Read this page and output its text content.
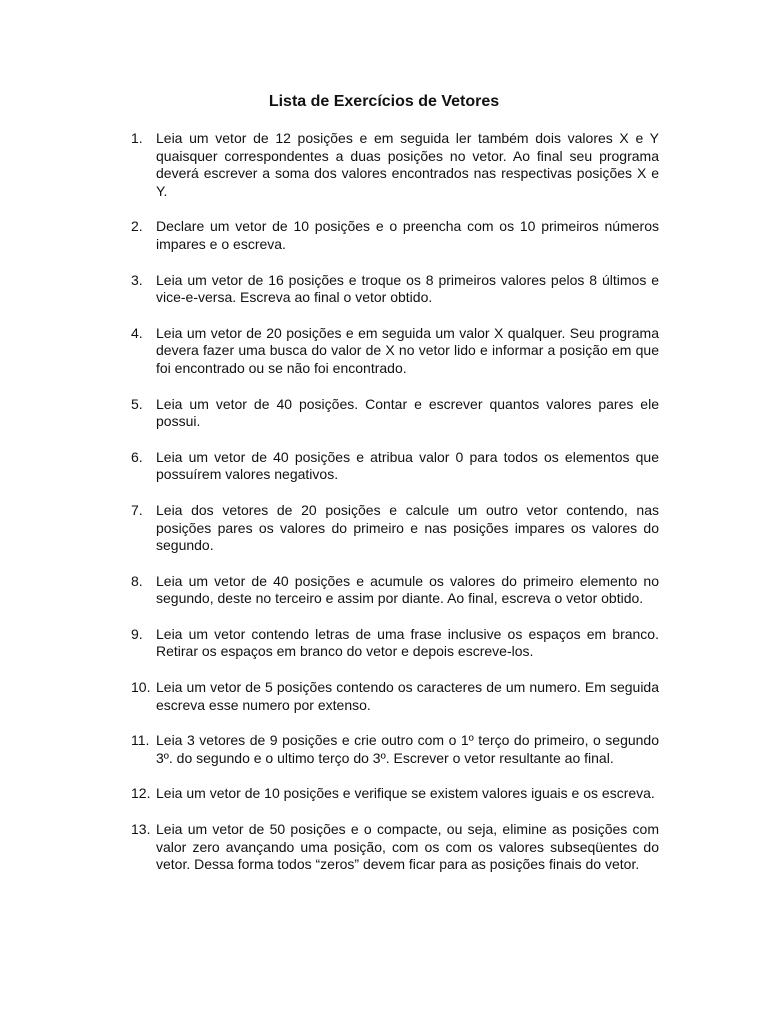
Lista de Exercícios de Vetores
1. Leia um vetor de 12 posições e em seguida ler também dois valores X e Y quaisquer correspondentes a duas posições no vetor. Ao final seu programa deverá escrever a soma dos valores encontrados nas respectivas posições X e Y.
2. Declare um vetor de 10 posições e o preencha com os 10 primeiros números impares e o escreva.
3. Leia um vetor de 16 posições e troque os 8 primeiros valores pelos 8 últimos e vice-e-versa. Escreva ao final o vetor obtido.
4. Leia um vetor de 20 posições e em seguida um valor X qualquer. Seu programa devera fazer uma busca do valor de X no vetor lido e informar a posição em que foi encontrado ou se não foi encontrado.
5. Leia um vetor de 40 posições. Contar e escrever quantos valores pares ele possui.
6. Leia um vetor de 40 posições e atribua valor 0 para todos os elementos que possuírem valores negativos.
7. Leia dos vetores de 20 posições e calcule um outro vetor contendo, nas posições pares os valores do primeiro e nas posições impares os valores do segundo.
8. Leia um vetor de 40 posições e acumule os valores do primeiro elemento no segundo, deste no terceiro e assim por diante. Ao final, escreva o vetor obtido.
9. Leia um vetor contendo letras de uma frase inclusive os espaços em branco. Retirar os espaços em branco do vetor e depois escreve-los.
10. Leia um vetor de 5 posições contendo os caracteres de um numero. Em seguida escreva esse numero por extenso.
11. Leia 3 vetores de 9 posições e crie outro com o 1º terço do primeiro, o segundo 3º. do segundo e o ultimo terço do 3º. Escrever o vetor resultante ao final.
12. Leia um vetor de 10 posições e verifique se existem valores iguais e os escreva.
13. Leia um vetor de 50 posições e o compacte, ou seja, elimine as posições com valor zero avançando uma posição, com os com os valores subseqüentes do vetor. Dessa forma todos “zeros” devem ficar para as posições finais do vetor.
